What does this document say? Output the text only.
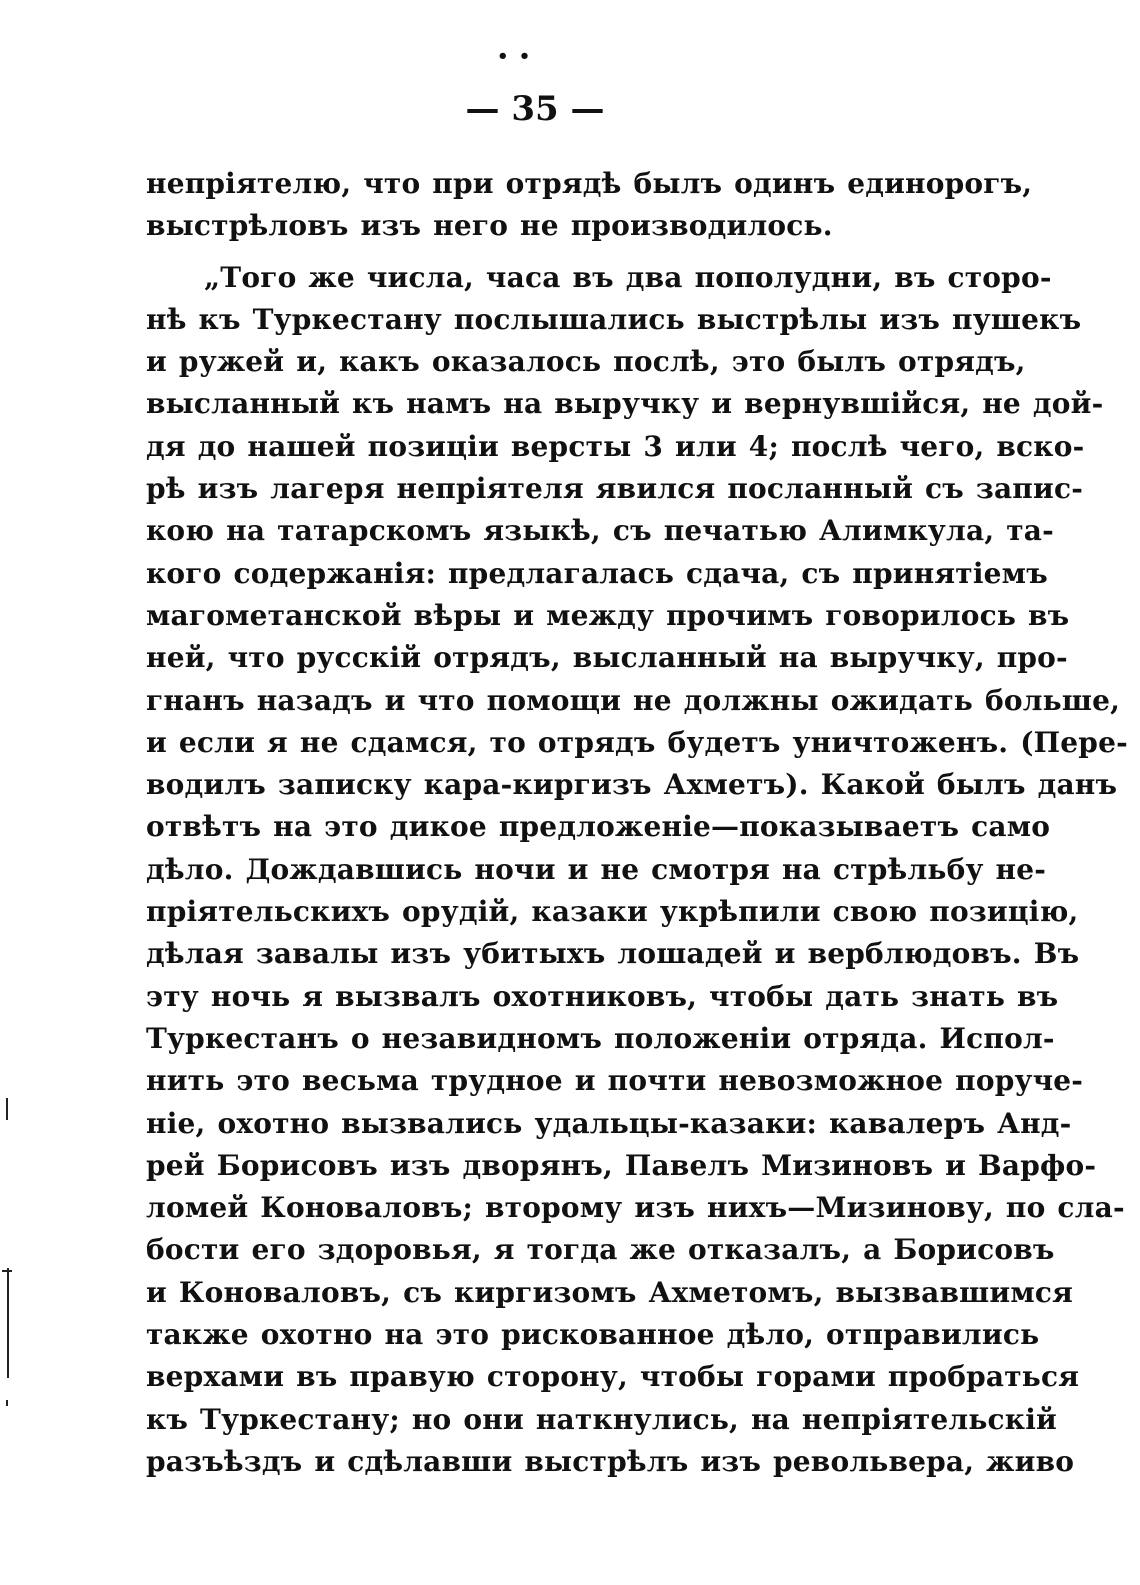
• •
— 35 —
непріятелю, что при отрядѣ былъ одинъ единорогъ,
выстрѣловъ изъ него не производилось.
„Того же числа, часа въ два пополудни, въ сторо-
нѣ къ Туркестану послышались выстрѣлы изъ пушекъ
и ружей и, какъ оказалось послѣ, это былъ отрядъ,
высланный къ намъ на выручку и вернувшійся, не дой-
дя до нашей позиціи версты 3 или 4; послѣ чего, вско-
рѣ изъ лагеря непріятеля явился посланный съ запис-
кою на татарскомъ языкѣ, съ печатью Алимкула, та-
кого содержанія: предлагалась сдача, съ принятіемъ
магометанской вѣры и между прочимъ говорилось въ
ней, что русскій отрядъ, высланный на выручку, про-
гнанъ назадъ и что помощи не должны ожидать больше,
и если я не сдамся, то отрядъ будетъ уничтоженъ. (Пере-
водилъ записку кара-киргизъ Ахметъ). Какой былъ данъ
отвѣтъ на это дикое предложеніе—показываетъ само
дѣло. Дождавшись ночи и не смотря на стрѣльбу не-
пріятельскихъ орудій, казаки укрѣпили свою позицію,
дѣлая завалы изъ убитыхъ лошадей и верблюдовъ. Въ
эту ночь я вызвалъ охотниковъ, чтобы дать знать въ
Туркестанъ о незавидномъ положеніи отряда. Испол-
нить это весьма трудное и почти невозможное поруче-
ніе, охотно вызвались удальцы-казаки: кавалеръ Анд-
рей Борисовъ изъ дворянъ, Павелъ Мизиновъ и Варфо-
ломей Коноваловъ; второму изъ нихъ—Мизинову, по сла-
бости его здоровья, я тогда же отказалъ, а Борисовъ
и Коноваловъ, съ киргизомъ Ахметомъ, вызвавшимся
также охотно на это рискованное дѣло, отправились
верхами въ правую сторону, чтобы горами пробраться
къ Туркестану; но они наткнулись, на непріятельскій
разъѣздъ и сдѣлавши выстрѣлъ изъ револьвера, живо
